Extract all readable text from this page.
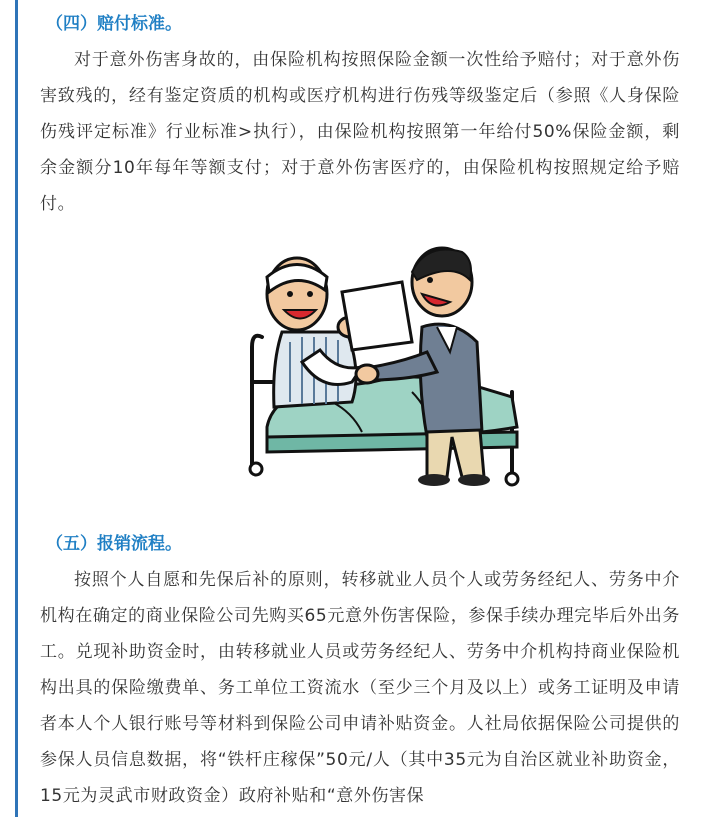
（四）赔付标准。

对于意外伤害身故的，由保险机构按照保险金额一次性给予赔付；对于意外伤害致残的，经有鉴定资质的机构或医疗机构进行伤残等级鉴定后（参照《人身保险伤残评定标准》行业标准>执行），由保险机构按照第一年给付50%保险金额，剩余金额分10年每年等额支付；对于意外伤害医疗的，由保险机构按照规定给予赔付。

（五）报销流程。

按照个人自愿和先保后补的原则，转移就业人员个人或劳务经纪人、劳务中介机构在确定的商业保险公司先购买65元意外伤害保险，参保手续办理完毕后外出务工。兑现补助资金时，由转移就业人员或劳务经纪人、劳务中介机构持商业保险机构出具的保险缴费单、务工单位工资流水（至少三个月及以上）或务工证明及申请者本人个人银行账号等材料到保险公司申请补贴资金。人社局依据保险公司提供的参保人员信息数据，将“铁杆庄稼保”50元/人（其中35元为自治区就业补助资金，15元为灵武市财政资金）政府补贴和“意外伤害保
